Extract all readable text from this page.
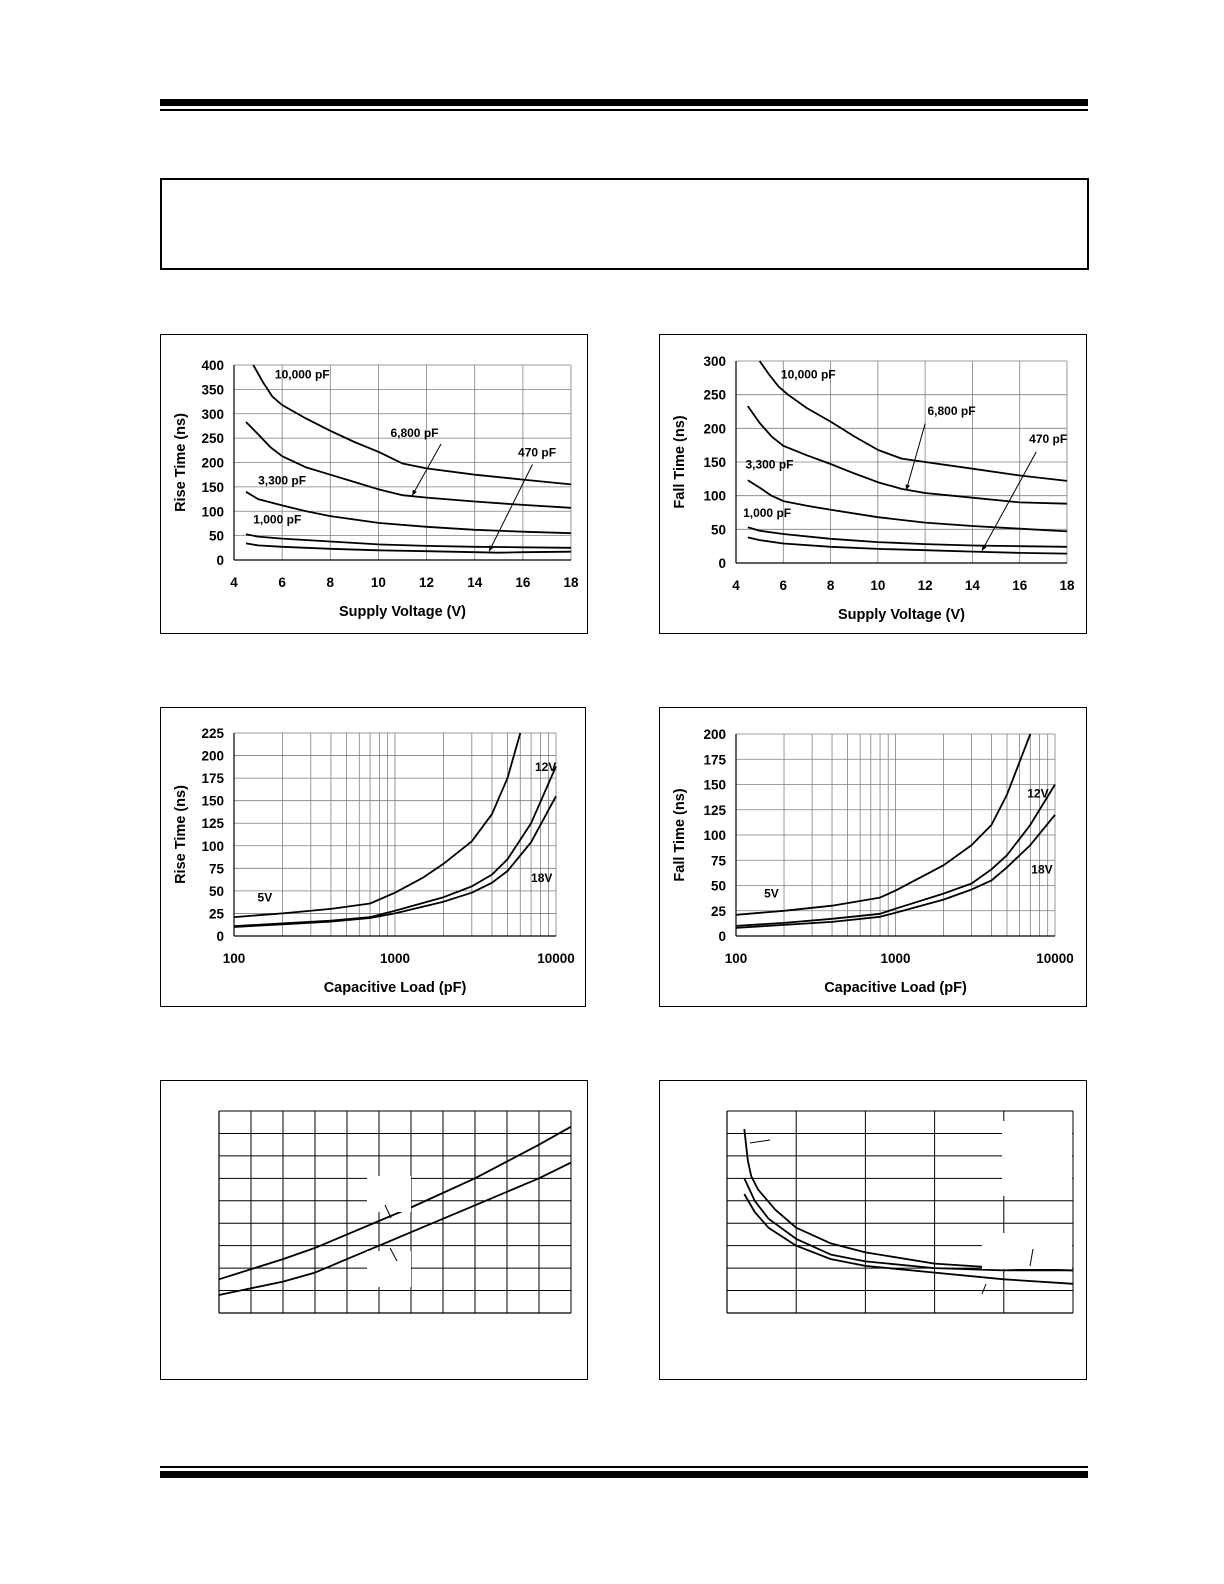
4	6	8	10 12 14 16 18
0
50
100
150
200
250
300
350
400
Supply Voltage (V)
Rise Time (ns)
10,000 pF
6,800 pF
3,300 pF
1,000 pF
470 pF
4	6	8	10 12 14 16 18
0
50
100
150
200
250
300
Supply Voltage (V)
Fall Time (ns)
10,000 pF
6,800 pF
3,300 pF
1,000 pF
470 pF
100	1000	10000
0
25
50
75
100
125
150
175
200
225
Capacitive Load (pF)
Rise Time (ns)
5V
12V
18V
100	1000	10000
0
25
50
75
100
125
150
175
200
Capacitive Load (pF)
Fall Time (ns)
5V
12V
18V
